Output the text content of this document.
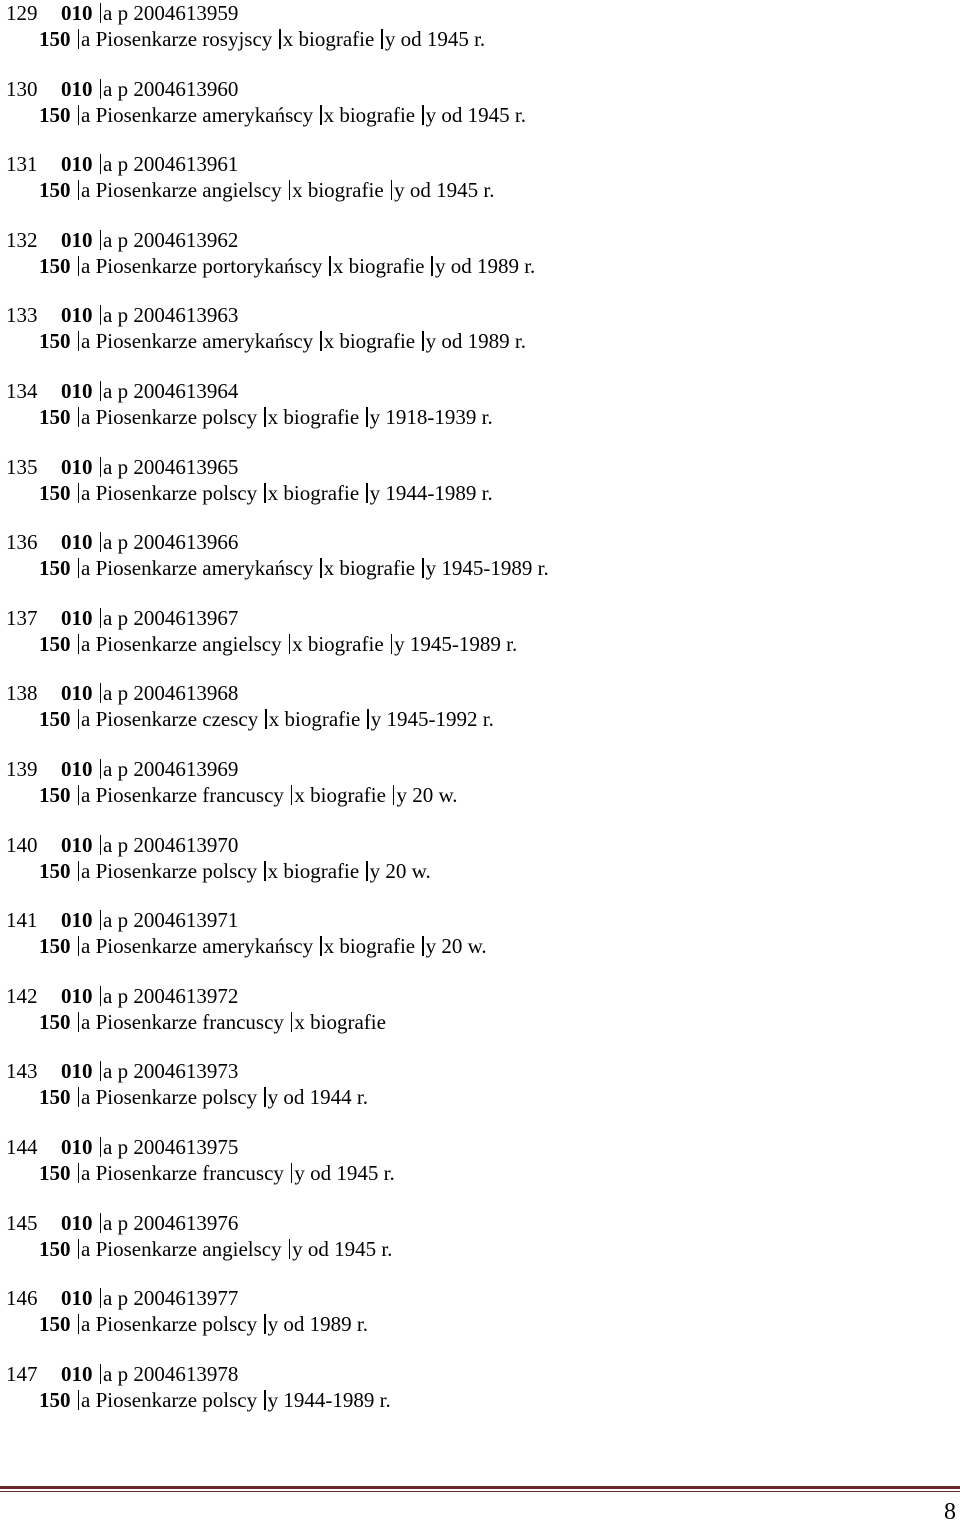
129 010 a p 2004613959
150 a Piosenkarze rosyjscy x biografie y od 1945 r.
130 010 a p 2004613960
150 a Piosenkarze amerykańscy x biografie y od 1945 r.
131 010 a p 2004613961
150 a Piosenkarze angielscy x biografie y od 1945 r.
132 010 a p 2004613962
150 a Piosenkarze portorykańscy x biografie y od 1989 r.
133 010 a p 2004613963
150 a Piosenkarze amerykańscy x biografie y od 1989 r.
134 010 a p 2004613964
150 a Piosenkarze polscy x biografie y 1918-1939 r.
135 010 a p 2004613965
150 a Piosenkarze polscy x biografie y 1944-1989 r.
136 010 a p 2004613966
150 a Piosenkarze amerykańscy x biografie y 1945-1989 r.
137 010 a p 2004613967
150 a Piosenkarze angielscy x biografie y 1945-1989 r.
138 010 a p 2004613968
150 a Piosenkarze czescy x biografie y 1945-1992 r.
139 010 a p 2004613969
150 a Piosenkarze francuscy x biografie y 20 w.
140 010 a p 2004613970
150 a Piosenkarze polscy x biografie y 20 w.
141 010 a p 2004613971
150 a Piosenkarze amerykańscy x biografie y 20 w.
142 010 a p 2004613972
150 a Piosenkarze francuscy x biografie
143 010 a p 2004613973
150 a Piosenkarze polscy y od 1944 r.
144 010 a p 2004613975
150 a Piosenkarze francuscy y od 1945 r.
145 010 a p 2004613976
150 a Piosenkarze angielscy y od 1945 r.
146 010 a p 2004613977
150 a Piosenkarze polscy y od 1989 r.
147 010 a p 2004613978
150 a Piosenkarze polscy y 1944-1989 r.
8
